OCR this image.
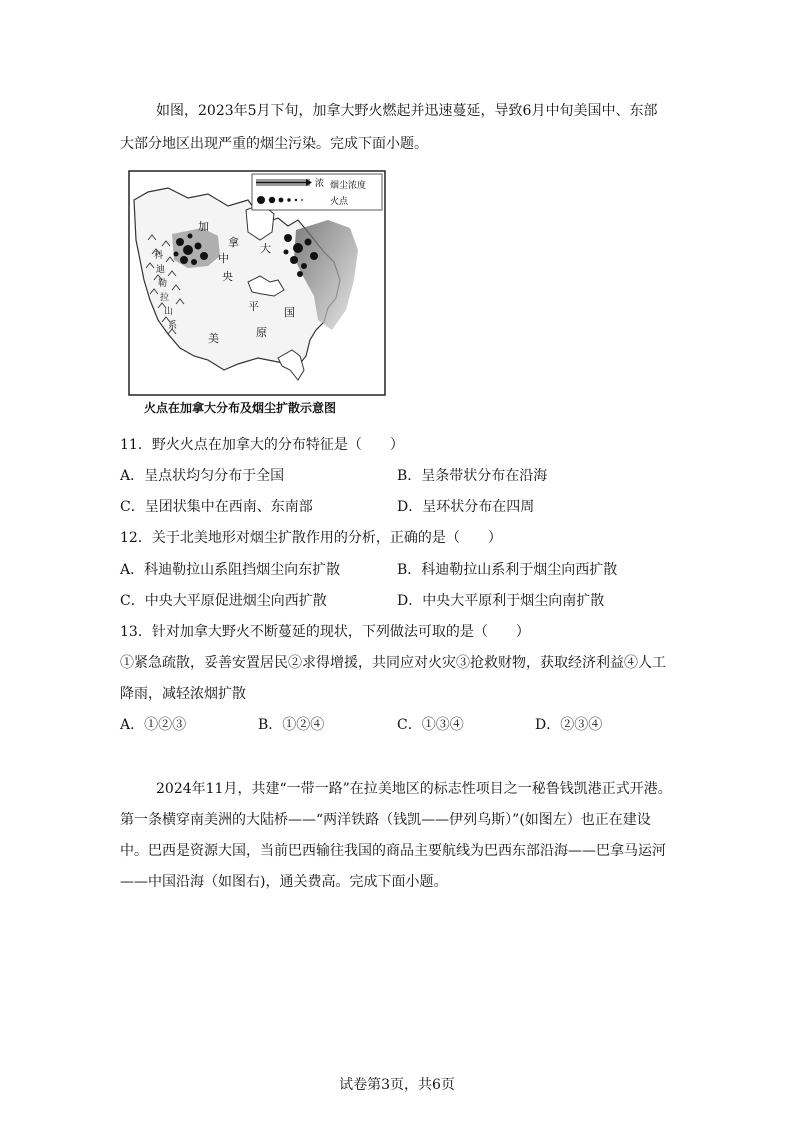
如图，2023年5月下旬，加拿大野火燃起并迅速蔓延，导致6月中旬美国中、东部
大部分地区出现严重的烟尘污染。完成下面小题。
浓 烟尘浓度
火点
加
拿 大
中
央
平
原
美
国
科
迪
勒
拉
山
系
火点在加拿大分布及烟尘扩散示意图
11．野火火点在加拿大的分布特征是（　　）
A．呈点状均匀分布于全国	B．呈条带状分布在沿海
C．呈团状集中在西南、东南部	D．呈环状分布在四周
12．关于北美地形对烟尘扩散作用的分析，正确的是（　　）
A．科迪勒拉山系阻挡烟尘向东扩散	B．科迪勒拉山系利于烟尘向西扩散
C．中央大平原促进烟尘向西扩散	D．中央大平原利于烟尘向南扩散
13．针对加拿大野火不断蔓延的现状，下列做法可取的是（　　）
①紧急疏散，妥善安置居民②求得增援，共同应对火灾③抢救财物，获取经济利益④人工
降雨，减轻浓烟扩散
A．①②③	B．①②④	C．①③④	D．②③④
2024年11月，共建“一带一路”在拉美地区的标志性项目之一秘鲁钱凯港正式开港。
第一条横穿南美洲的大陆桥——“两洋铁路（钱凯——伊列乌斯）”(如图左）也正在建设
中。巴西是资源大国，当前巴西输往我国的商品主要航线为巴西东部沿海——巴拿马运河
——中国沿海（如图右)，通关费高。完成下面小题。
试卷第3页，共6页
